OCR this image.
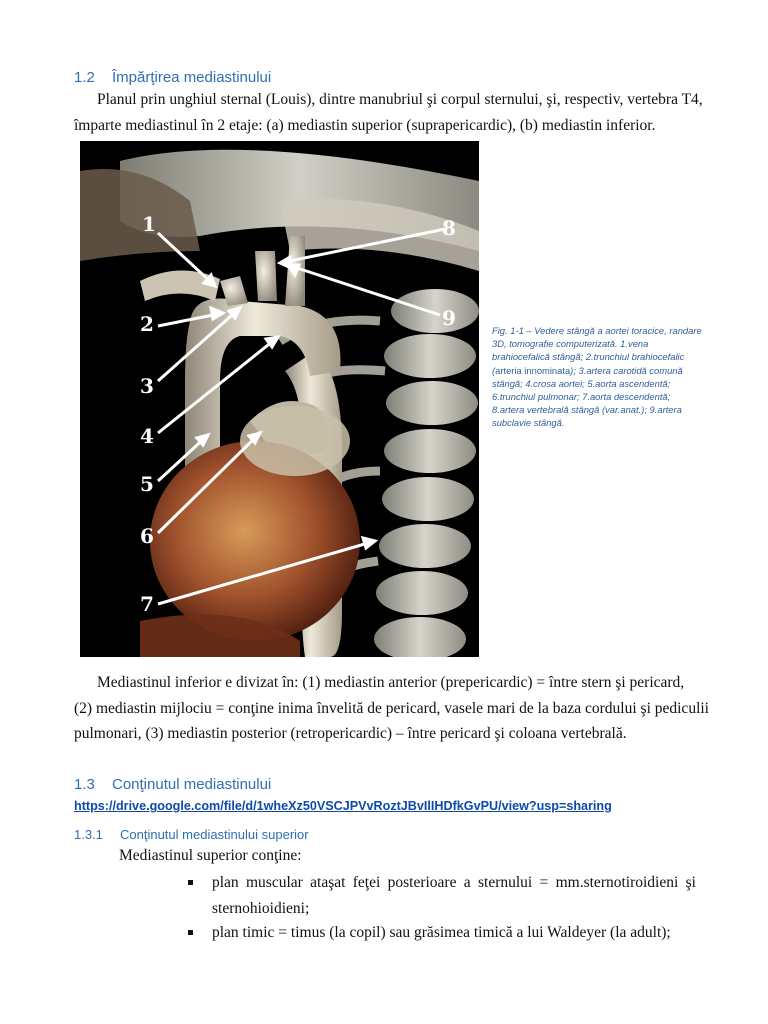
1.2 Împărţirea mediastinului
Planul prin unghiul sternal (Louis), dintre manubriul şi corpul sternului, şi, respectiv, vertebra T4,
împarte mediastinul în 2 etaje: (a) mediastin superior (suprapericardic), (b) mediastin inferior.
1
2
3
4
5
6
7
8
9
Fig. 1-1 – Vedere stângă a aortei toracice, randare 3D, tomografie computerizată. 1.vena brahiocefalică stângă; 2.trunchiul brahiocefalic (arteria innominata); 3.artera carotidă comună stângă; 4.crosa aortei; 5.aorta ascendentă; 6.trunchiul pulmonar; 7.aorta descendentă; 8.artera vertebrală stângă (var.anat.); 9.artera subclavie stângă.
Mediastinul inferior e divizat în: (1) mediastin anterior (prepericardic) = între stern şi pericard,
(2) mediastin mijlociu = conţine inima învelită de pericard, vasele mari de la baza cordului şi pediculii
pulmonari, (3) mediastin posterior (retropericardic) – între pericard şi coloana vertebrală.
1.3 Conţinutul mediastinului
https://drive.google.com/file/d/1wheXz50VSCJPVvRoztJBvIlIHDfkGvPU/view?usp=sharing
1.3.1 Conţinutul mediastinului superior
Mediastinul superior conţine:
plan muscular ataşat feţei posterioare a sternului = mm.sternotiroidieni şi
sternohioidieni;
plan timic = timus (la copil) sau grăsimea timică a lui Waldeyer (la adult);
